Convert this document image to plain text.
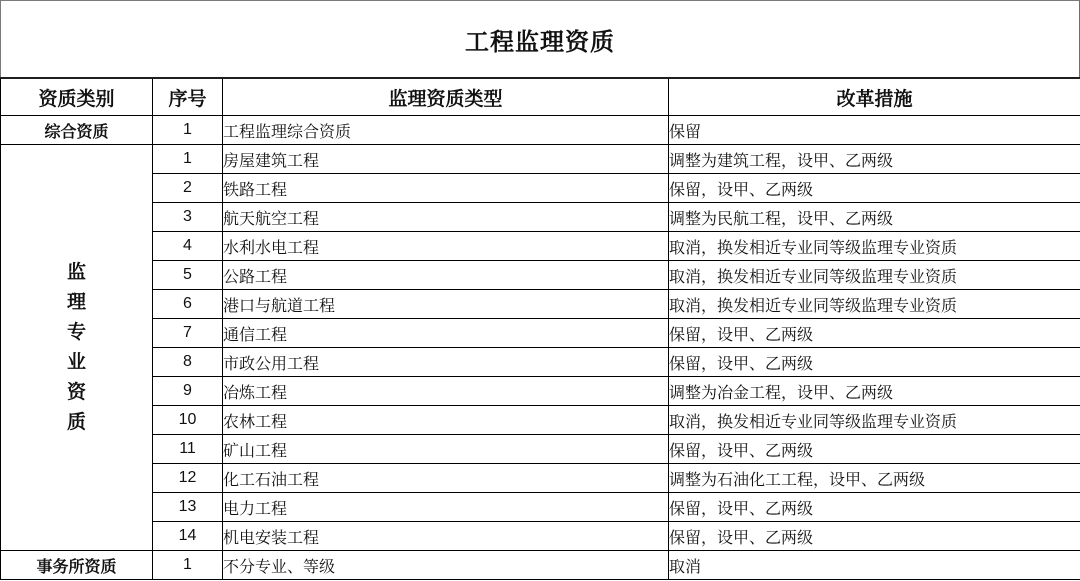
工程监理资质
资质类别	序号	监理资质类型	改革措施
综合资质	1	工程监理综合资质	保留

监
理
专
业
资
质
	1	房屋建筑工程	调整为建筑工程，设甲、乙两级
	2	铁路工程	保留，设甲、乙两级
	3	航天航空工程	调整为民航工程，设甲、乙两级
	4	水利水电工程	取消，换发相近专业同等级监理专业资质
	5	公路工程	取消，换发相近专业同等级监理专业资质
	6	港口与航道工程	取消，换发相近专业同等级监理专业资质
	7	通信工程	保留，设甲、乙两级
	8	市政公用工程	保留，设甲、乙两级
	9	冶炼工程	调整为冶金工程，设甲、乙两级
	10	农林工程	取消，换发相近专业同等级监理专业资质
	11	矿山工程	保留，设甲、乙两级
	12	化工石油工程	调整为石油化工工程，设甲、乙两级
	13	电力工程	保留，设甲、乙两级
	14	机电安装工程	保留，设甲、乙两级
事务所资质	1	不分专业、等级	取消
